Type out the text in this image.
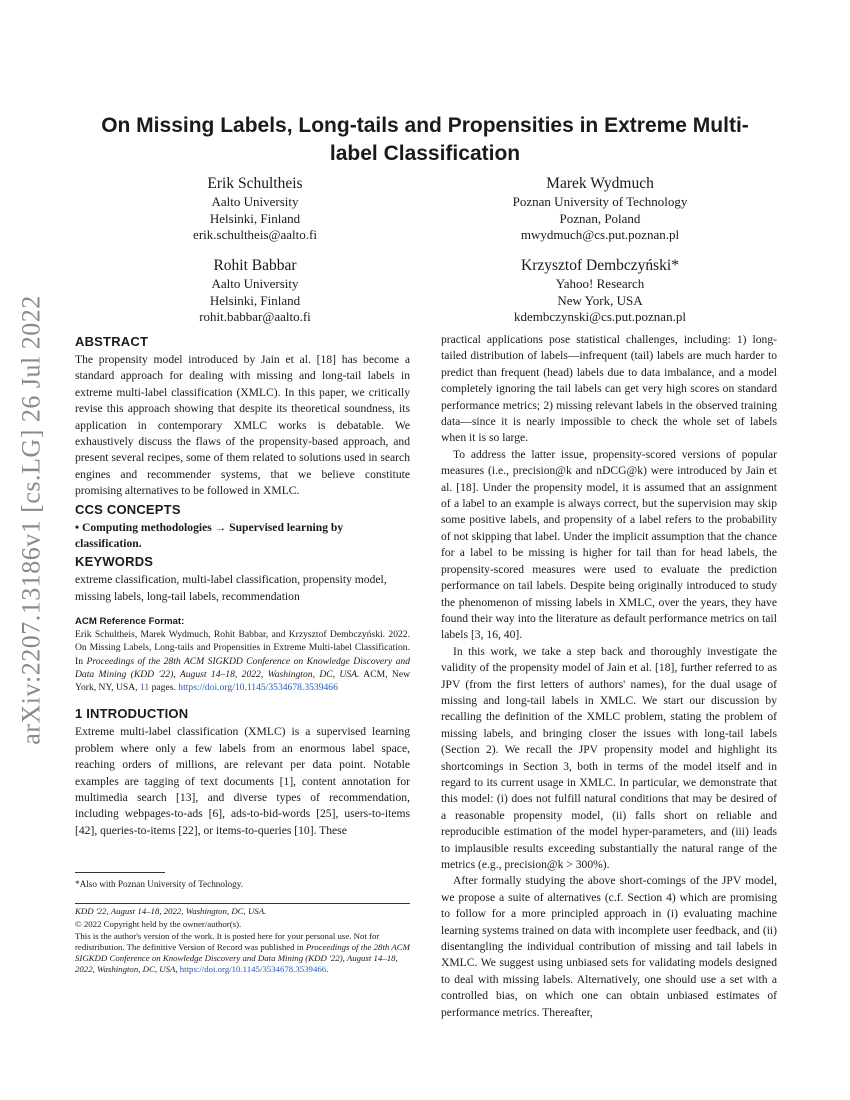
arXiv:2207.13186v1 [cs.LG] 26 Jul 2022
On Missing Labels, Long-tails and Propensities in Extreme Multi-label Classification
Erik Schultheis
Aalto University
Helsinki, Finland
erik.schultheis@aalto.fi
Marek Wydmuch
Poznan University of Technology
Poznan, Poland
mwydmuch@cs.put.poznan.pl
Rohit Babbar
Aalto University
Helsinki, Finland
rohit.babbar@aalto.fi
Krzysztof Dembczyński*
Yahoo! Research
New York, USA
kdembczynski@cs.put.poznan.pl
ABSTRACT

The propensity model introduced by Jain et al. [18] has become a standard approach for dealing with missing and long-tail labels in extreme multi-label classification (XMLC). In this paper, we critically revise this approach showing that despite its theoretical soundness, its application in contemporary XMLC works is debatable. We exhaustively discuss the flaws of the propensity-based approach, and present several recipes, some of them related to solutions used in search engines and recommender systems, that we believe constitute promising alternatives to be followed in XMLC.

CCS CONCEPTS

• Computing methodologies → Supervised learning by classification.

KEYWORDS

extreme classification, multi-label classification, propensity model, missing labels, long-tail labels, recommendation

ACM Reference Format:

Erik Schultheis, Marek Wydmuch, Rohit Babbar, and Krzysztof Dembczyński. 2022. On Missing Labels, Long-tails and Propensities in Extreme Multi-label Classification. In Proceedings of the 28th ACM SIGKDD Conference on Knowledge Discovery and Data Mining (KDD '22), August 14–18, 2022, Washington, DC, USA. ACM, New York, NY, USA, 11 pages. https://doi.org/10.1145/3534678.3539466

1 INTRODUCTION

Extreme multi-label classification (XMLC) is a supervised learning problem where only a few labels from an enormous label space, reaching orders of millions, are relevant per data point. Notable examples are tagging of text documents [1], content annotation for multimedia search [13], and diverse types of recommendation, including webpages-to-ads [6], ads-to-bid-words [25], users-to-items [42], queries-to-items [22], or items-to-queries [10]. These

*Also with Poznan University of Technology.

KDD '22, August 14–18, 2022, Washington, DC, USA.

© 2022 Copyright held by the owner/author(s).

This is the author's version of the work. It is posted here for your personal use. Not for redistribution. The definitive Version of Record was published in Proceedings of the 28th ACM SIGKDD Conference on Knowledge Discovery and Data Mining (KDD '22), August 14–18, 2022, Washington, DC, USA, https://doi.org/10.1145/3534678.3539466.

practical applications pose statistical challenges, including: 1) long-tailed distribution of labels—infrequent (tail) labels are much harder to predict than frequent (head) labels due to data imbalance, and a model completely ignoring the tail labels can get very high scores on standard performance metrics; 2) missing relevant labels in the observed training data—since it is nearly impossible to check the whole set of labels when it is so large.

To address the latter issue, propensity-scored versions of popular measures (i.e., precision@k and nDCG@k) were introduced by Jain et al. [18]. Under the propensity model, it is assumed that an assignment of a label to an example is always correct, but the supervision may skip some positive labels, and propensity of a label refers to the probability of not skipping that label. Under the implicit assumption that the chance for a label to be missing is higher for tail than for head labels, the propensity-scored measures were used to evaluate the prediction performance on tail labels. Despite being originally introduced to study the phenomenon of missing labels in XMLC, over the years, they have found their way into the literature as default performance metrics on tail labels [3, 16, 40].

In this work, we take a step back and thoroughly investigate the validity of the propensity model of Jain et al. [18], further referred to as JPV (from the first letters of authors' names), for the dual usage of missing and long-tail labels in XMLC. We start our discussion by recalling the definition of the XMLC problem, stating the problem of missing labels, and bringing closer the issues with long-tail labels (Section 2). We recall the JPV propensity model and highlight its shortcomings in Section 3, both in terms of the model itself and in regard to its current usage in XMLC. In particular, we demonstrate that this model: (i) does not fulfill natural conditions that may be desired of a reasonable propensity model, (ii) falls short on reliable and reproducible estimation of the model hyper-parameters, and (iii) leads to implausible results exceeding substantially the natural range of the metrics (e.g., precision@k > 300%).

After formally studying the above short-comings of the JPV model, we propose a suite of alternatives (c.f. Section 4) which are promising to follow for a more principled approach in (i) evaluating machine learning systems trained on data with incomplete user feedback, and (ii) disentangling the individual contribution of missing and tail labels in XMLC. We suggest using unbiased sets for validating models designed to deal with missing labels. Alternatively, one should use a set with a controlled bias, on which one can obtain unbiased estimates of performance metrics. Thereafter,
